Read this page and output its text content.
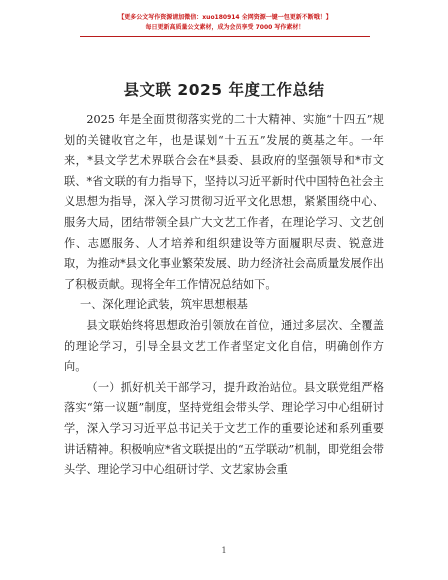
【更多公文写作资源请加微信：xuo180914 全网资源一键一包更新不断哦！】
每日更新高质量公文素材，成为会员享受 7000 写作素材！
县文联 2025 年度工作总结

2025 年是全面贯彻落实党的二十大精神、实施“十四五”规划的关键收官之年，也是谋划“十五五”发展的奠基之年。一年来，*县文学艺术界联合会在*县委、县政府的坚强领导和*市文联、*省文联的有力指导下，坚持以习近平新时代中国特色社会主义思想为指导，深入学习贯彻习近平文化思想，紧紧围绕中心、服务大局，团结带领全县广大文艺工作者，在理论学习、文艺创作、志愿服务、人才培养和组织建设等方面履职尽责、锐意进取，为推动*县文化事业繁荣发展、助力经济社会高质量发展作出了积极贡献。现将全年工作情况总结如下。

一、深化理论武装，筑牢思想根基

县文联始终将思想政治引领放在首位，通过多层次、全覆盖的理论学习，引导全县文艺工作者坚定文化自信，明确创作方向。

（一）抓好机关干部学习，提升政治站位。县文联党组严格落实“第一议题”制度，坚持党组会带头学、理论学习中心组研讨学，深入学习习近平总书记关于文艺工作的重要论述和系列重要讲话精神。积极响应*省文联提出的“五学联动”机制，即党组会带头学、理论学习中心组研讨学、文艺家协会重

1
